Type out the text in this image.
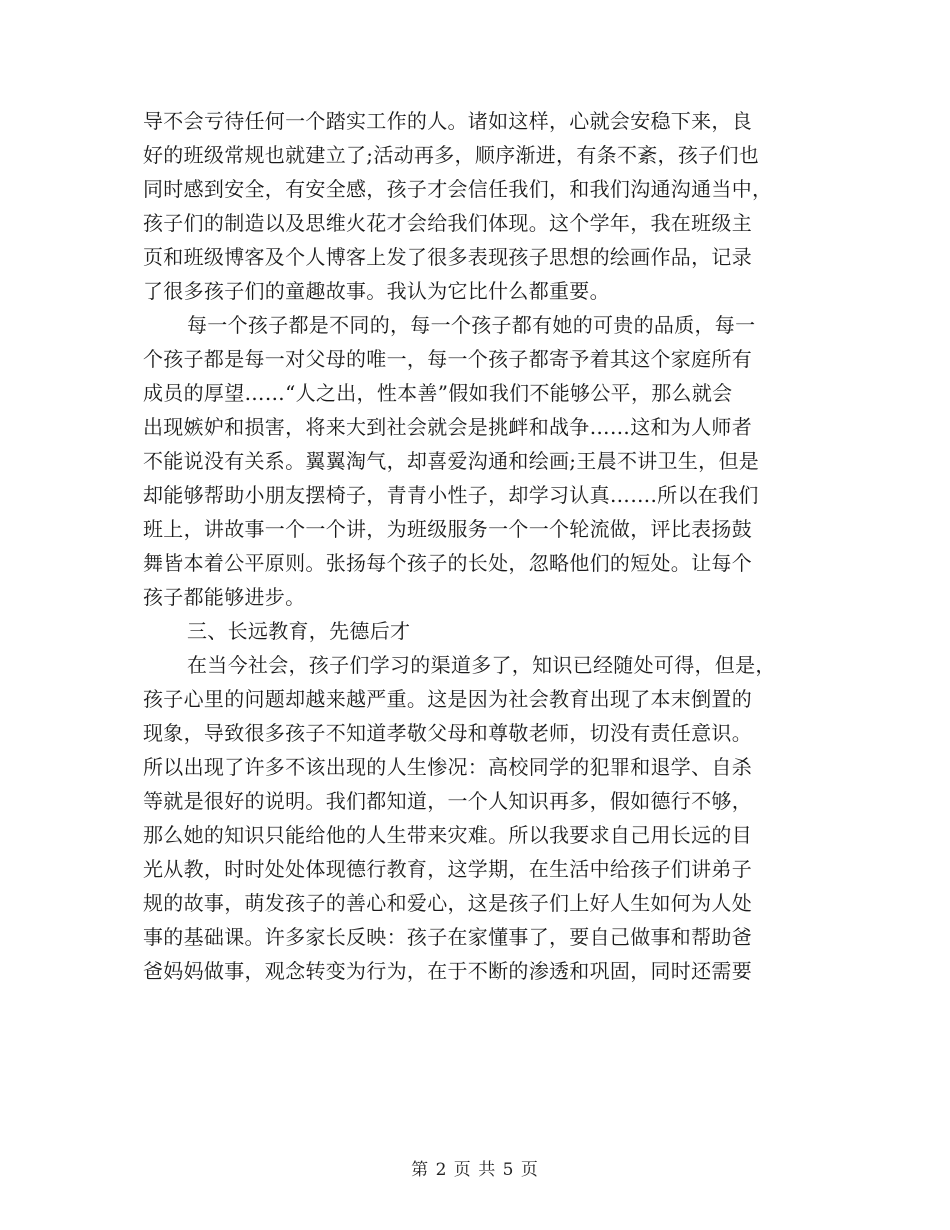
导不会亏待任何一个踏实工作的人。诸如这样，心就会安稳下来，良
好的班级常规也就建立了;活动再多，顺序渐进，有条不紊，孩子们也
同时感到安全，有安全感，孩子才会信任我们，和我们沟通沟通当中，
孩子们的制造以及思维火花才会给我们体现。这个学年，我在班级主
页和班级博客及个人博客上发了很多表现孩子思想的绘画作品，记录
了很多孩子们的童趣故事。我认为它比什么都重要。
每一个孩子都是不同的，每一个孩子都有她的可贵的品质，每一
个孩子都是每一对父母的唯一，每一个孩子都寄予着其这个家庭所有
成员的厚望……“人之出，性本善”假如我们不能够公平，那么就会
出现嫉妒和损害，将来大到社会就会是挑衅和战争……这和为人师者
不能说没有关系。翼翼淘气，却喜爱沟通和绘画;王晨不讲卫生，但是
却能够帮助小朋友摆椅子，青青小性子，却学习认真…….所以在我们
班上，讲故事一个一个讲，为班级服务一个一个轮流做，评比表扬鼓
舞皆本着公平原则。张扬每个孩子的长处，忽略他们的短处。让每个
孩子都能够进步。
三、长远教育，先德后才
在当今社会，孩子们学习的渠道多了，知识已经随处可得，但是，
孩子心里的问题却越来越严重。这是因为社会教育出现了本末倒置的
现象，导致很多孩子不知道孝敬父母和尊敬老师，切没有责任意识。
所以出现了许多不该出现的人生惨况：高校同学的犯罪和退学、自杀
等就是很好的说明。我们都知道，一个人知识再多，假如德行不够，
那么她的知识只能给他的人生带来灾难。所以我要求自己用长远的目
光从教，时时处处体现德行教育，这学期，在生活中给孩子们讲弟子
规的故事，萌发孩子的善心和爱心，这是孩子们上好人生如何为人处
事的基础课。许多家长反映：孩子在家懂事了，要自己做事和帮助爸
爸妈妈做事，观念转变为行为，在于不断的渗透和巩固，同时还需要
第 2 页 共 5 页
